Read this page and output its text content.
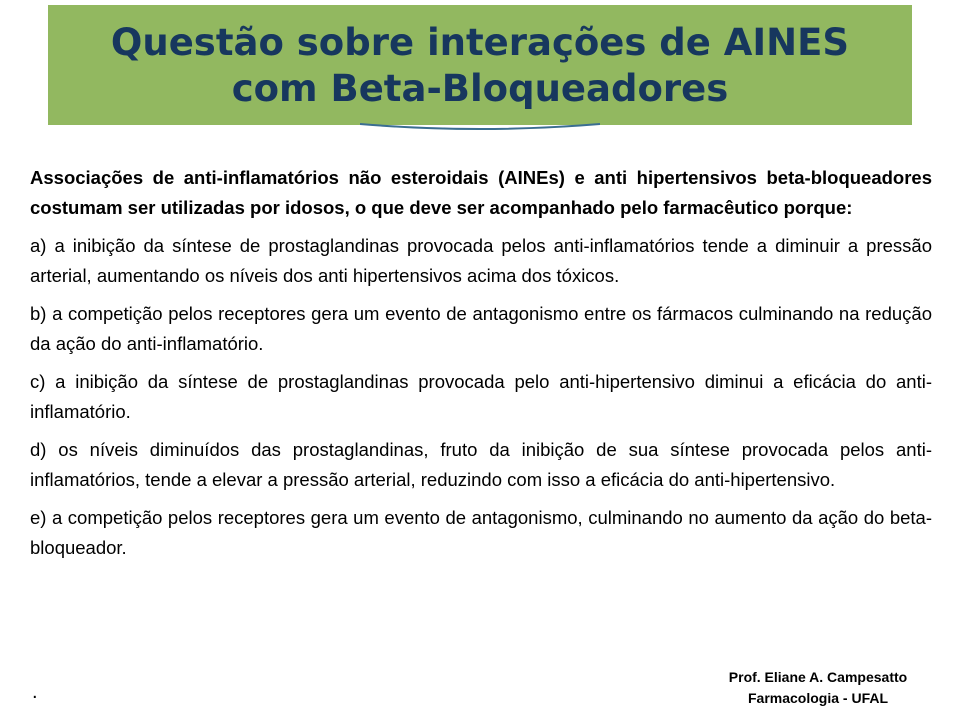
Questão sobre interações de AINES
com Beta-Bloqueadores

Associações de anti-inflamatórios não esteroidais (AINEs) e anti hipertensivos beta-bloqueadores costumam ser utilizadas por idosos, o que deve ser acompanhado pelo farmacêutico porque:

a) a inibição da síntese de prostaglandinas provocada pelos anti-inflamatórios tende a diminuir a pressão arterial, aumentando os níveis dos anti hipertensivos acima dos tóxicos.

b) a competição pelos receptores gera um evento de antagonismo entre os fármacos culminando na redução da ação do anti-inflamatório.

c) a inibição da síntese de prostaglandinas provocada pelo anti-hipertensivo diminui a eficácia do anti-inflamatório.

d) os níveis diminuídos das prostaglandinas, fruto da inibição de sua síntese provocada pelos anti-inflamatórios, tende a elevar a pressão arterial, reduzindo com isso a eficácia do anti-hipertensivo.

e) a competição pelos receptores gera um evento de antagonismo, culminando no aumento da ação do beta-bloqueador.

.
Prof. Eliane A. Campesatto
Farmacologia - UFAL
